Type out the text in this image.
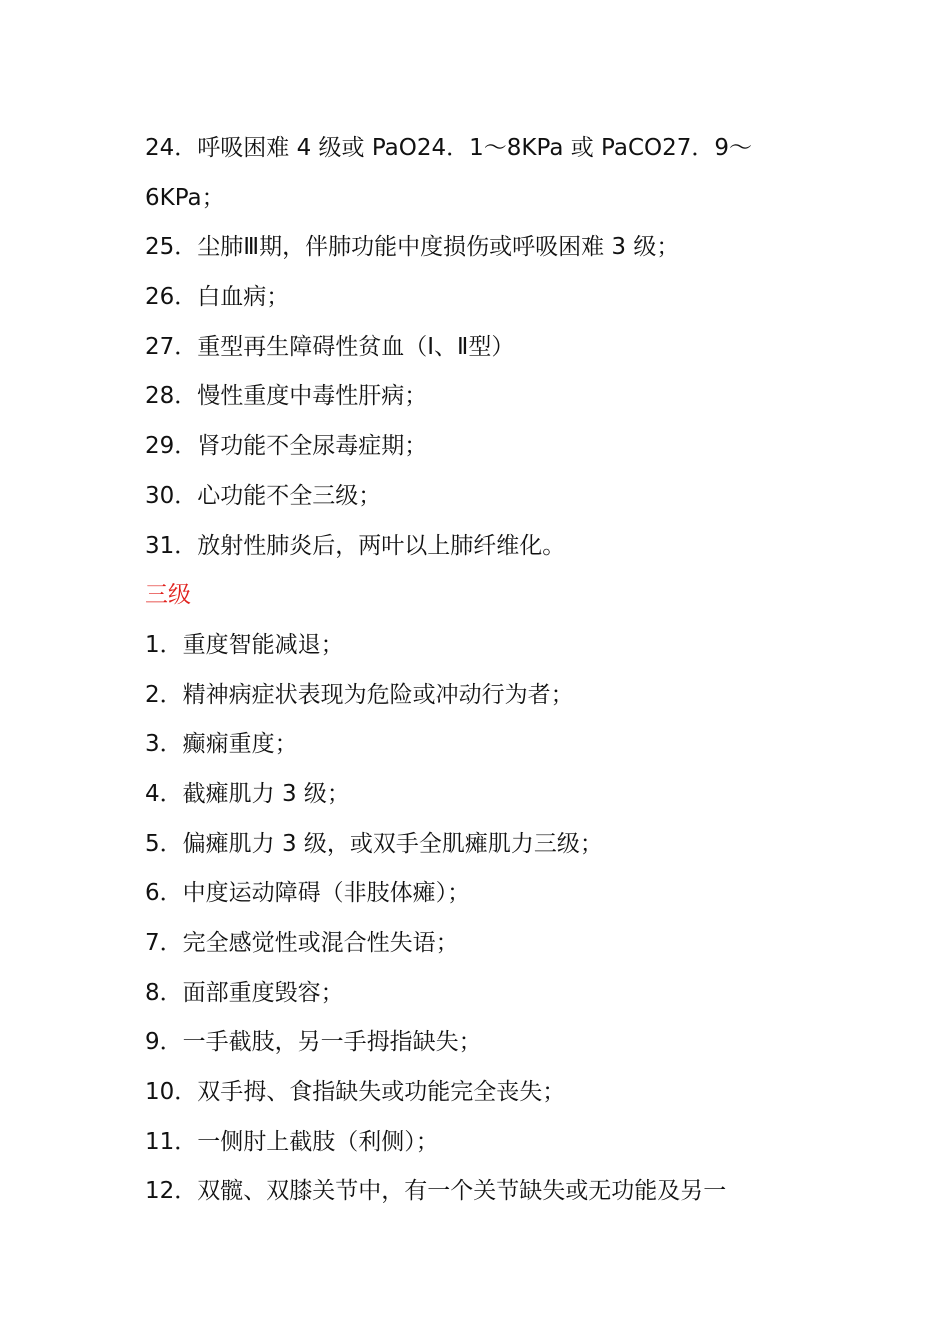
24．呼吸困难 4 级或 PaO24．1～8KPa 或 PaCO27．9～
6KPa；
25．尘肺Ⅲ期，伴肺功能中度损伤或呼吸困难 3 级；
26．白血病；
27．重型再生障碍性贫血（Ⅰ、Ⅱ型）
28．慢性重度中毒性肝病；
29．肾功能不全尿毒症期；
30．心功能不全三级；
31．放射性肺炎后，两叶以上肺纤维化。
三级
1．重度智能减退；
2．精神病症状表现为危险或冲动行为者；
3．癫痫重度；
4．截瘫肌力 3 级；
5．偏瘫肌力 3 级，或双手全肌瘫肌力三级；
6．中度运动障碍（非肢体瘫）；
7．完全感觉性或混合性失语；
8．面部重度毁容；
9．一手截肢，另一手拇指缺失；
10．双手拇、食指缺失或功能完全丧失；
11．一侧肘上截肢（利侧）；
12．双髋、双膝关节中，有一个关节缺失或无功能及另一
